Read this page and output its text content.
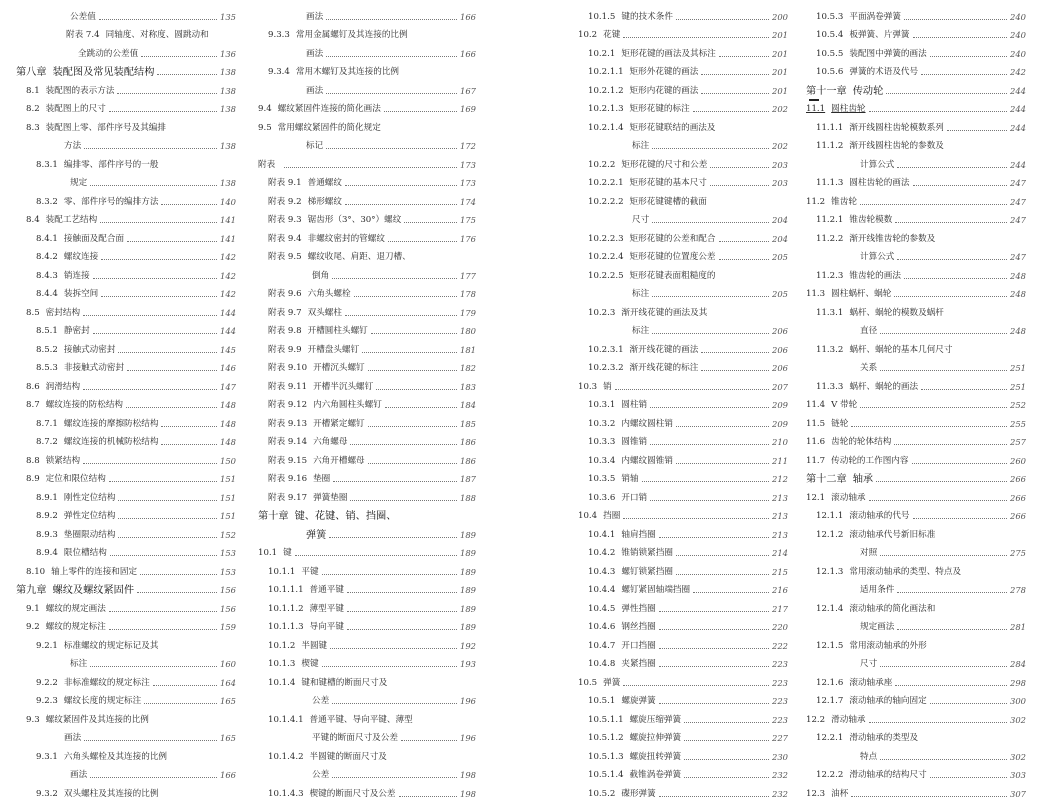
公差值	135
附表 7.4 同轴度、对称度、圆跳动和
全跳动的公差值	136
第八章 装配图及常见装配结构	138
8.1 装配图的表示方法	138
8.2 装配图上的尺寸	138
8.3 装配图上零、部件序号及其编排
方法	138
8.3.1 编排零、部件序号的一般
规定	138
8.3.2 零、部件序号的编排方法	140
8.4 装配工艺结构	141
8.4.1 接触面及配合面	141
8.4.2 螺纹连接	142
8.4.3 销连接	142
8.4.4 装拆空间	142
8.5 密封结构	144
8.5.1 静密封	144
8.5.2 接触式动密封	145
8.5.3 非接触式动密封	146
8.6 润滑结构	147
8.7 螺纹连接的防松结构	148
8.7.1 螺纹连接的摩擦防松结构	148
8.7.2 螺纹连接的机械防松结构	148
8.8 锁紧结构	150
8.9 定位和限位结构	151
8.9.1 刚性定位结构	151
8.9.2 弹性定位结构	151
8.9.3 垫圈限动结构	152
8.9.4 限位槽结构	153
8.10 轴上零件的连接和固定	153
第九章 螺纹及螺纹紧固件	156
9.1 螺纹的规定画法	156
9.2 螺纹的规定标注	159
9.2.1 标准螺纹的规定标记及其
标注	160
9.2.2 非标准螺纹的规定标注	164
9.2.3 螺纹长度的规定标注	165
9.3 螺纹紧固件及其连接的比例
画法	165
9.3.1 六角头螺栓及其连接的比例
画法	166
9.3.2 双头螺柱及其连接的比例
画法	166
9.3.3 常用金属螺钉及其连接的比例
画法	166
9.3.4 常用木螺钉及其连接的比例
画法	167
9.4 螺纹紧固件连接的简化画法	169
9.5 常用螺纹紧固件的简化规定
标记	172
附表	173
附表 9.1 普通螺纹	173
附表 9.2 梯形螺纹	174
附表 9.3 锯齿形（3°、30°）螺纹	175
附表 9.4 非螺纹密封的管螺纹	176
附表 9.5 螺纹收尾、肩距、退刀槽、
倒角	177
附表 9.6 六角头螺栓	178
附表 9.7 双头螺柱	179
附表 9.8 开槽圆柱头螺钉	180
附表 9.9 开槽盘头螺钉	181
附表 9.10 开槽沉头螺钉	182
附表 9.11 开槽半沉头螺钉	183
附表 9.12 内六角圆柱头螺钉	184
附表 9.13 开槽紧定螺钉	185
附表 9.14 六角螺母	186
附表 9.15 六角开槽螺母	186
附表 9.16 垫圈	187
附表 9.17 弹簧垫圈	188
第十章 键、花键、销、挡圈、
弹簧	189
10.1 键	189
10.1.1 平键	189
10.1.1.1 普通平键	189
10.1.1.2 薄型平键	189
10.1.1.3 导向平键	189
10.1.2 半圆键	192
10.1.3 楔键	193
10.1.4 键和键槽的断面尺寸及
公差	196
10.1.4.1 普通平键、导向平键、薄型
平键的断面尺寸及公差	196
10.1.4.2 半圆键的断面尺寸及
公差	198
10.1.4.3 楔键的断面尺寸及公差	198
10.1.5 键的技术条件	200
10.2 花键	201
10.2.1 矩形花键的画法及其标注	201
10.2.1.1 矩形外花键的画法	201
10.2.1.2 矩形内花键的画法	201
10.2.1.3 矩形花键的标注	202
10.2.1.4 矩形花键联结的画法及
标注	202
10.2.2 矩形花键的尺寸和公差	203
10.2.2.1 矩形花键的基本尺寸	203
10.2.2.2 矩形花键键槽的截面
尺寸	204
10.2.2.3 矩形花键的公差和配合	204
10.2.2.4 矩形花键的位置度公差	205
10.2.2.5 矩形花键表面粗糙度的
标注	205
10.2.3 渐开线花键的画法及其
标注	206
10.2.3.1 渐开线花键的画法	206
10.2.3.2 渐开线花键的标注	206
10.3 销	207
10.3.1 圆柱销	209
10.3.2 内螺纹圆柱销	209
10.3.3 圆锥销	210
10.3.4 内螺纹圆锥销	211
10.3.5 销轴	212
10.3.6 开口销	213
10.4 挡圈	213
10.4.1 轴肩挡圈	213
10.4.2 锥销锁紧挡圈	214
10.4.3 螺钉锁紧挡圈	215
10.4.4 螺钉紧固轴端挡圈	216
10.4.5 弹性挡圈	217
10.4.6 钢丝挡圈	220
10.4.7 开口挡圈	222
10.4.8 夹紧挡圈	223
10.5 弹簧	223
10.5.1 螺旋弹簧	223
10.5.1.1 螺旋压缩弹簧	223
10.5.1.2 螺旋拉伸弹簧	227
10.5.1.3 螺旋扭转弹簧	230
10.5.1.4 截锥涡卷弹簧	232
10.5.2 碟形弹簧	232
10.5.3 平面涡卷弹簧	240
10.5.4 板弹簧、片弹簧	240
10.5.5 装配图中弹簧的画法	240
10.5.6 弹簧的术语及代号	242
第十一章 传动轮	244
11.1 圆柱齿轮	244
11.1.1 渐开线圆柱齿轮模数系列	244
11.1.2 渐开线圆柱齿轮的参数及
计算公式	244
11.1.3 圆柱齿轮的画法	247
11.2 锥齿轮	247
11.2.1 锥齿轮模数	247
11.2.2 渐开线锥齿轮的参数及
计算公式	247
11.2.3 锥齿轮的画法	248
11.3 圆柱蜗杆、蜗轮	248
11.3.1 蜗杆、蜗轮的模数及蜗杆
直径	248
11.3.2 蜗杆、蜗轮的基本几何尺寸
关系	251
11.3.3 蜗杆、蜗轮的画法	251
11.4 V 带轮	252
11.5 链轮	255
11.6 齿轮的轮体结构	257
11.7 传动轮的工作图内容	260
第十二章 轴承	266
12.1 滚动轴承	266
12.1.1 滚动轴承的代号	266
12.1.2 滚动轴承代号新旧标准
对照	275
12.1.3 常用滚动轴承的类型、特点及
适用条件	278
12.1.4 滚动轴承的简化画法和
规定画法	281
12.1.5 常用滚动轴承的外形
尺寸	284
12.1.6 滚动轴承座	298
12.1.7 滚动轴承的轴向固定	300
12.2 滑动轴承	302
12.2.1 滑动轴承的类型及
特点	302
12.2.2 滑动轴承的结构尺寸	303
12.3 油杯	307
